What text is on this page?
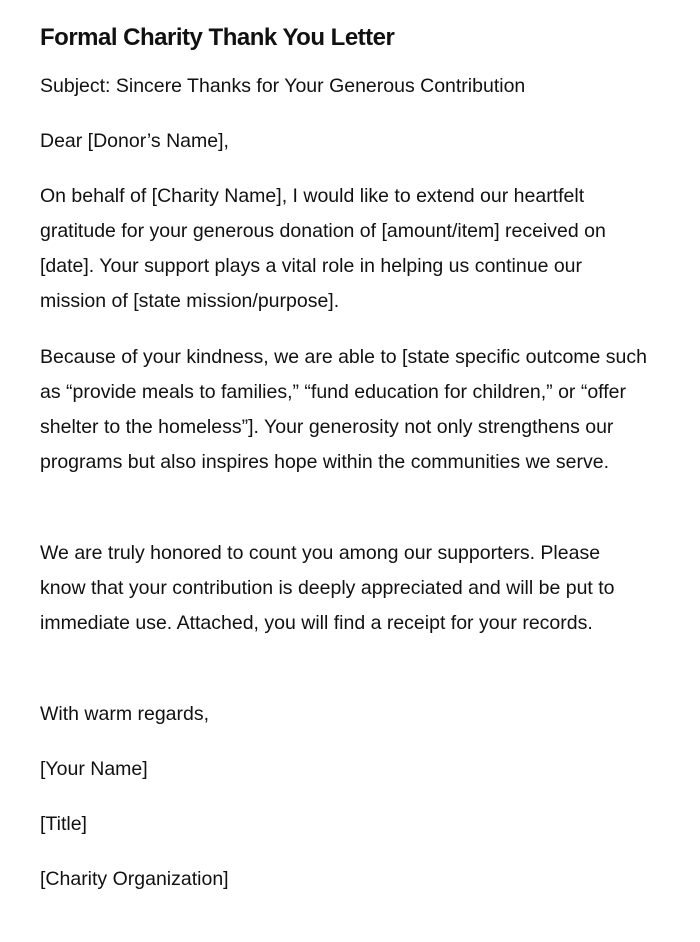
Formal Charity Thank You Letter

Subject: Sincere Thanks for Your Generous Contribution

Dear [Donor’s Name],

On behalf of [Charity Name], I would like to extend our heartfelt gratitude for your generous donation of [amount/item] received on [date]. Your support plays a vital role in helping us continue our mission of [state mission/purpose].

Because of your kindness, we are able to [state specific outcome such as “provide meals to families,” “fund education for children,” or “offer shelter to the homeless”]. Your generosity not only strengthens our programs but also inspires hope within the communities we serve.

We are truly honored to count you among our supporters. Please know that your contribution is deeply appreciated and will be put to immediate use. Attached, you will find a receipt for your records.

With warm regards,

[Your Name]

[Title]

[Charity Organization]
